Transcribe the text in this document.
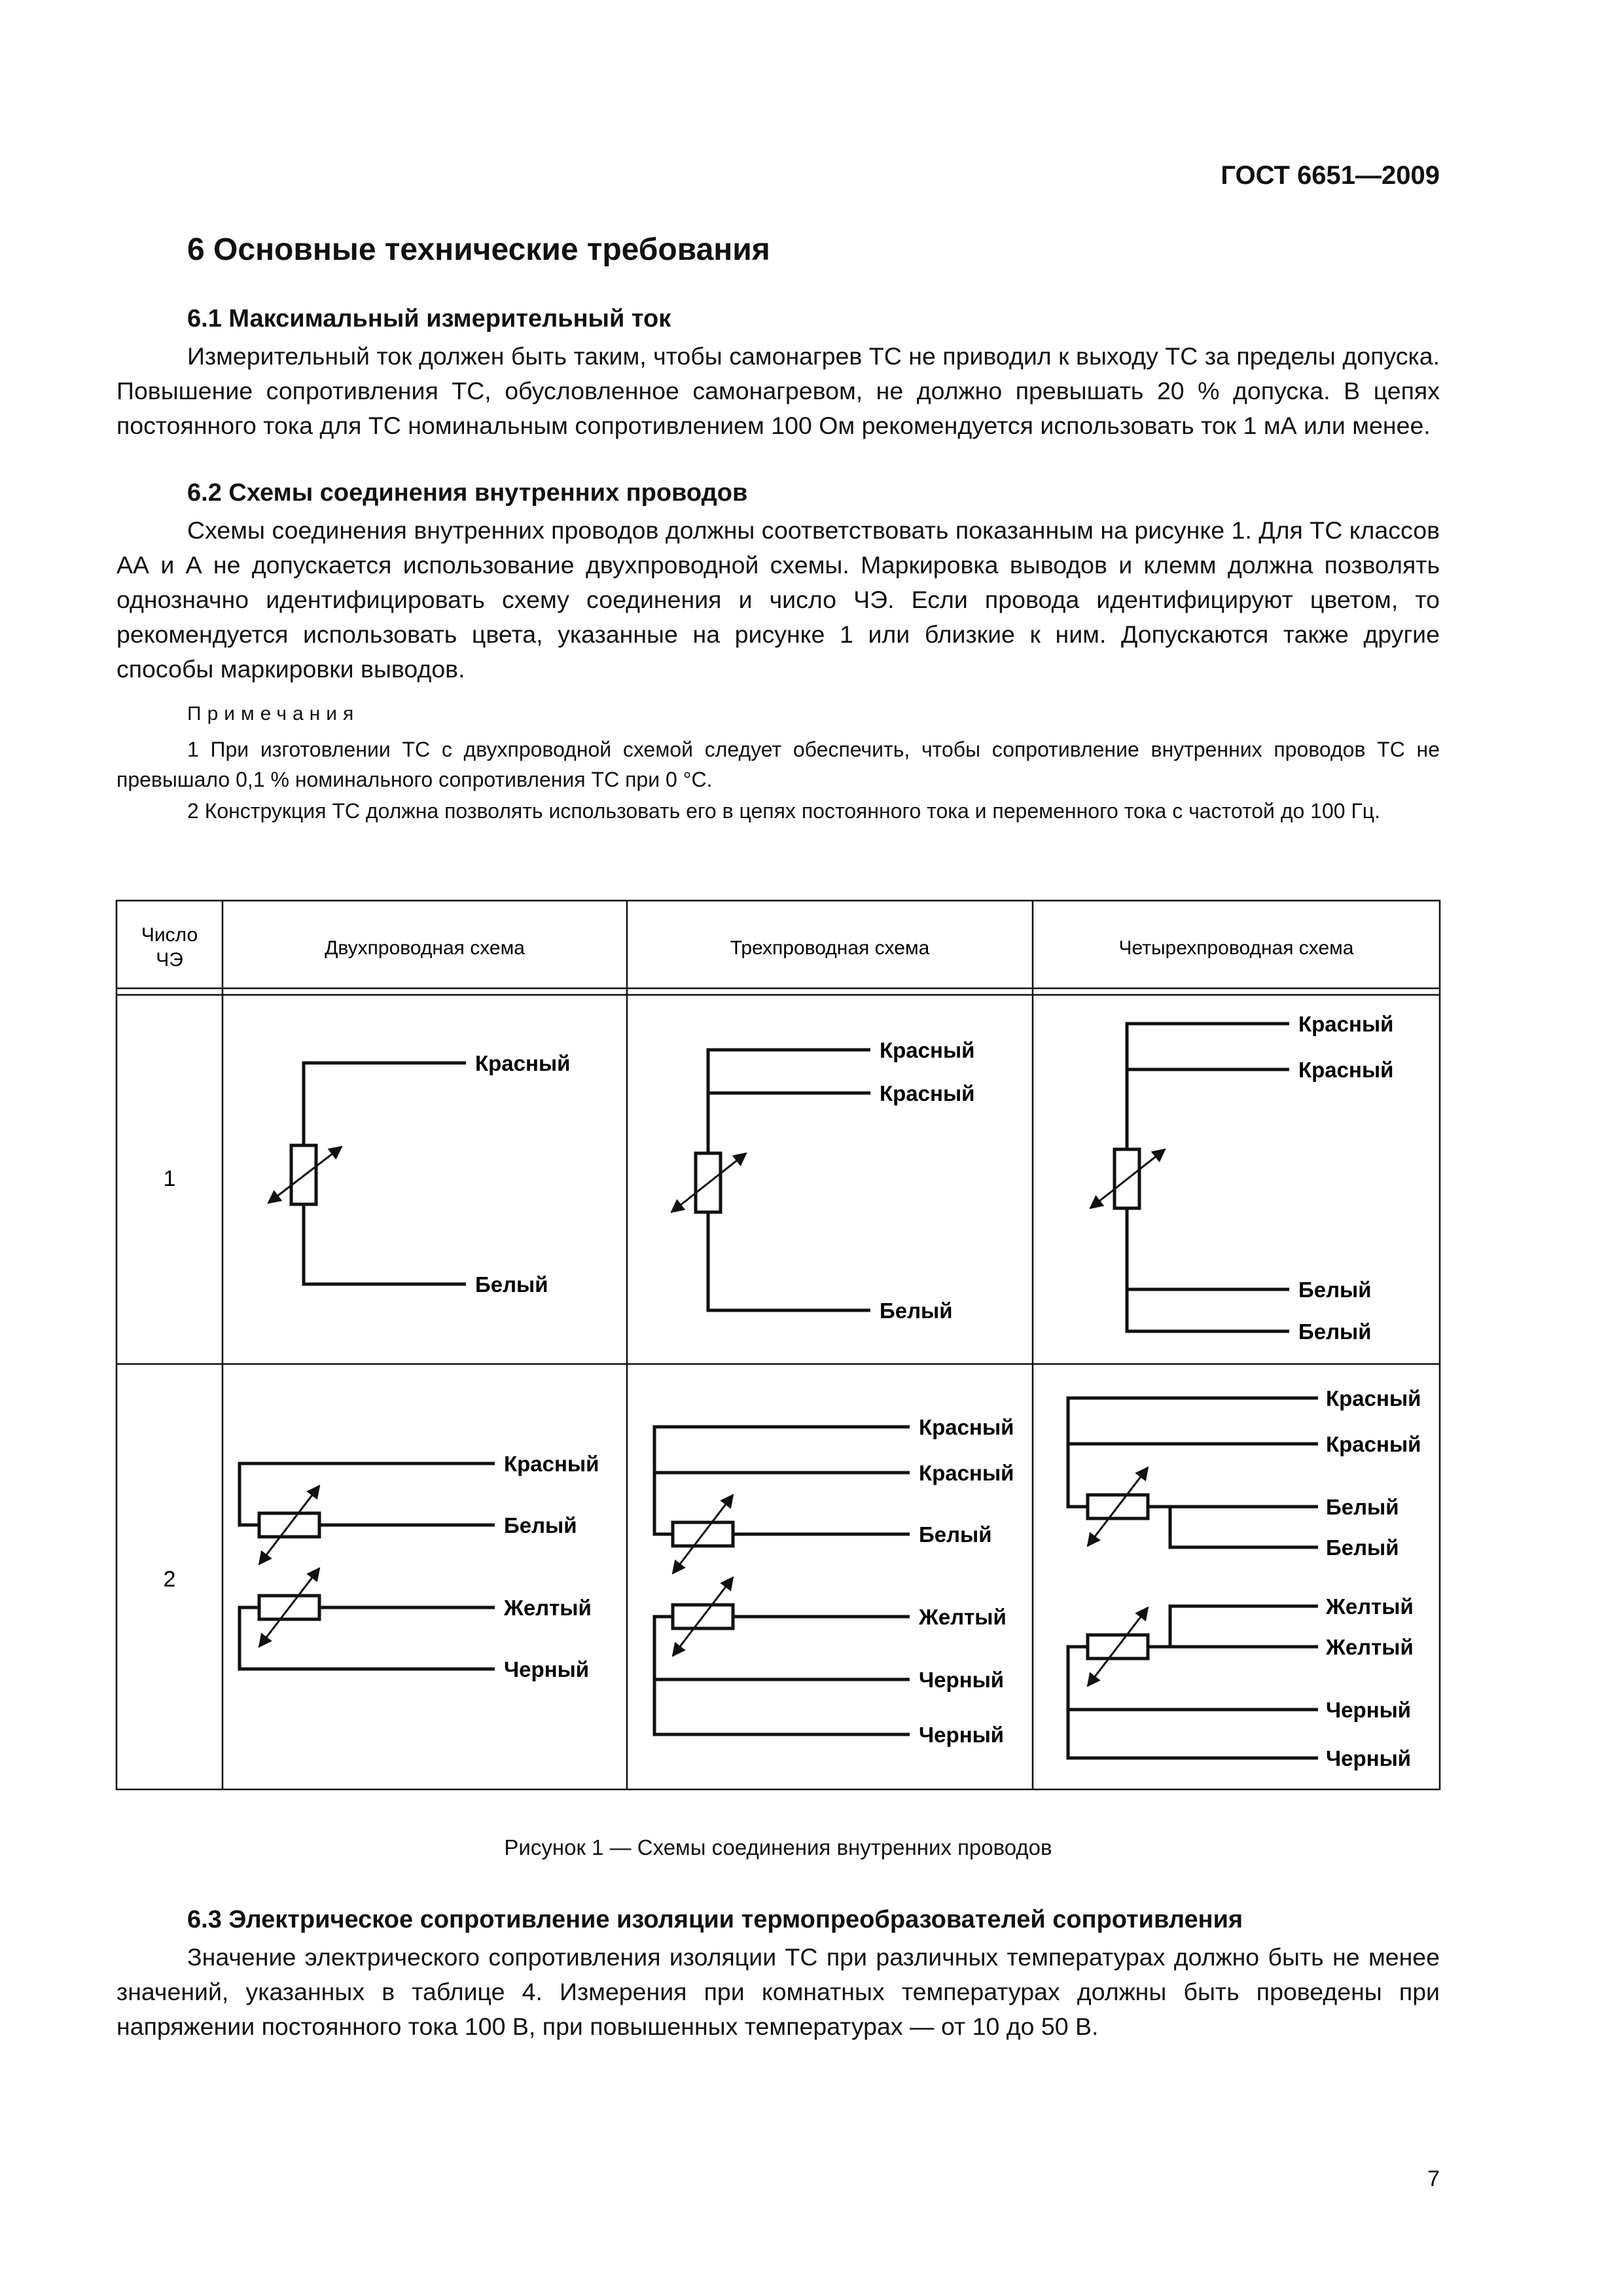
ГОСТ 6651—2009
6 Основные технические требования
6.1 Максимальный измерительный ток

Измерительный ток должен быть таким, чтобы самонагрев ТС не приводил к выходу ТС за пределы допуска. Повышение сопротивления ТС, обусловленное самонагревом, не должно превышать 20 % допуска. В цепях постоянного тока для ТС номинальным сопротивлением 100 Ом рекомендуется использовать ток 1 мА или менее.

6.2 Схемы соединения внутренних проводов

Схемы соединения внутренних проводов должны соответствовать показанным на рисунке 1. Для ТС классов АА и А не допускается использование двухпроводной схемы. Маркировка выводов и клемм должна позволять однозначно идентифицировать схему соединения и число ЧЭ. Если провода идентифицируют цветом, то рекомендуется использовать цвета, указанные на рисунке 1 или близкие к ним. Допускаются также другие способы маркировки выводов.

Примечания

1 При изготовлении ТС с двухпроводной схемой следует обеспечить, чтобы сопротивление внутренних проводов ТС не превышало 0,1 % номинального сопротивления ТС при 0 °С.

2 Конструкция ТС должна позволять использовать его в цепях постоянного тока и переменного тока с частотой до 100 Гц.

Число
ЧЭ
Двухпроводная схема	Трехпроводная схема	Четырехпроводная схема
1
2
Красный
Белый
Красный
Красный
Белый
Красный
Красный
Белый
Белый
Красный
Белый
Желтый
Черный
Красный
Красный
Белый
Желтый
Черный
Черный
Красный
Красный
Белый
Белый
Желтый
Желтый
Черный
Черный
Рисунок 1 — Схемы соединения внутренних проводов
6.3 Электрическое сопротивление изоляции термопреобразователей сопротивления

Значение электрического сопротивления изоляции ТС при различных температурах должно быть не менее значений, указанных в таблице 4. Измерения при комнатных температурах должны быть проведены при напряжении постоянного тока 100 В, при повышенных температурах — от 10 до 50 В.

7
